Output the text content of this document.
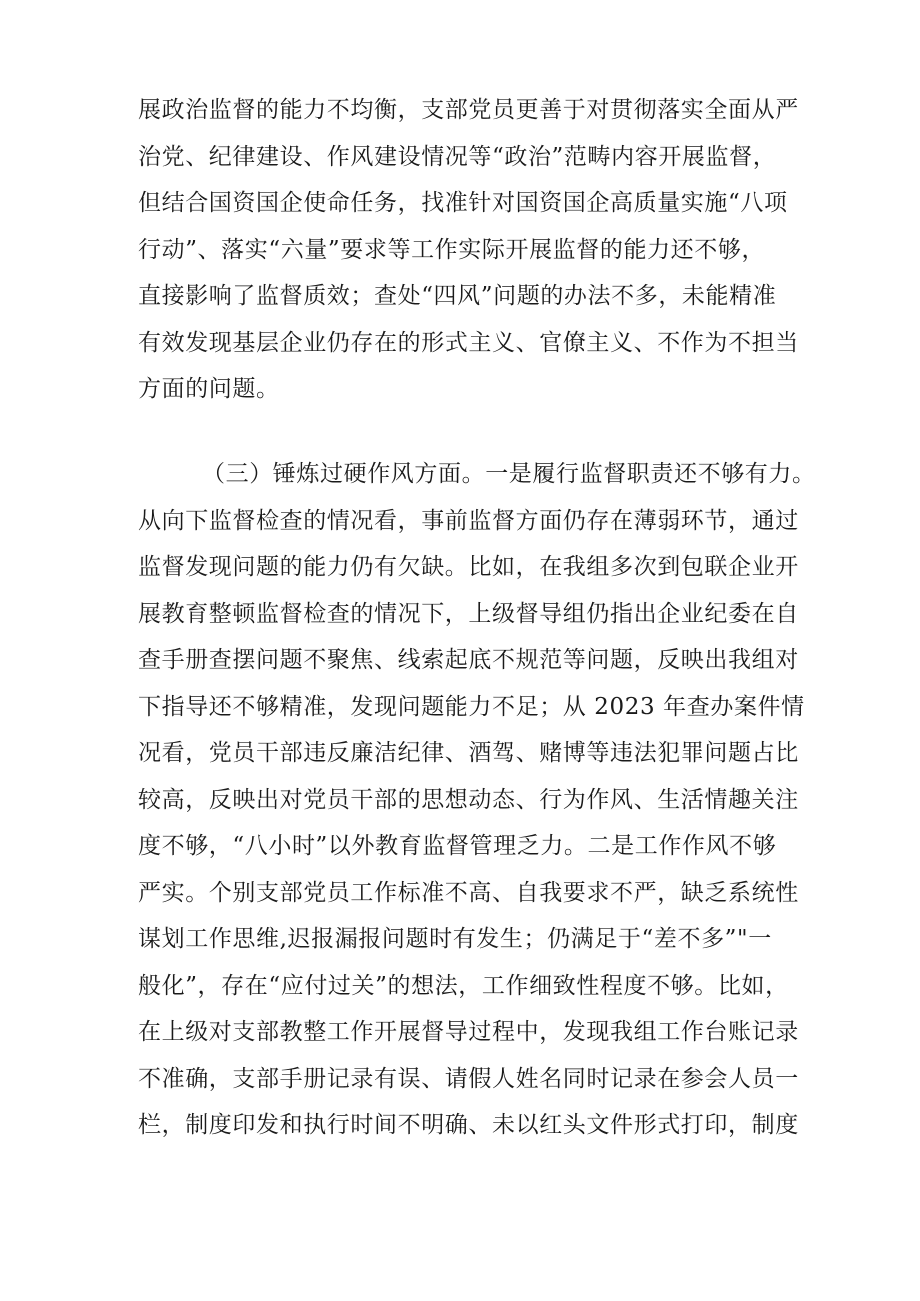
展政治监督的能力不均衡，支部党员更善于对贯彻落实全面从严
治党、纪律建设、作风建设情况等“政治”范畴内容开展监督，
但结合国资国企使命任务，找准针对国资国企高质量实施“八项
行动”、落实“六量”要求等工作实际开展监督的能力还不够，
直接影响了监督质效；查处“四风”问题的办法不多，未能精准
有效发现基层企业仍存在的形式主义、官僚主义、不作为不担当
方面的问题。
（三）锤炼过硬作风方面。一是履行监督职责还不够有力。
从向下监督检查的情况看，事前监督方面仍存在薄弱环节，通过
监督发现问题的能力仍有欠缺。比如，在我组多次到包联企业开
展教育整顿监督检查的情况下，上级督导组仍指出企业纪委在自
查手册查摆问题不聚焦、线索起底不规范等问题，反映出我组对
下指导还不够精准，发现问题能力不足；从 2023 年查办案件情
况看，党员干部违反廉洁纪律、酒驾、赌博等违法犯罪问题占比
较高，反映出对党员干部的思想动态、行为作风、生活情趣关注
度不够，“八小时”以外教育监督管理乏力。二是工作作风不够
严实。个别支部党员工作标准不高、自我要求不严，缺乏系统性
谋划工作思维,迟报漏报问题时有发生；仍满足于“差不多”"一
般化”，存在“应付过关”的想法，工作细致性程度不够。比如，
在上级对支部教整工作开展督导过程中，发现我组工作台账记录
不准确，支部手册记录有误、请假人姓名同时记录在参会人员一
栏，制度印发和执行时间不明确、未以红头文件形式打印，制度
